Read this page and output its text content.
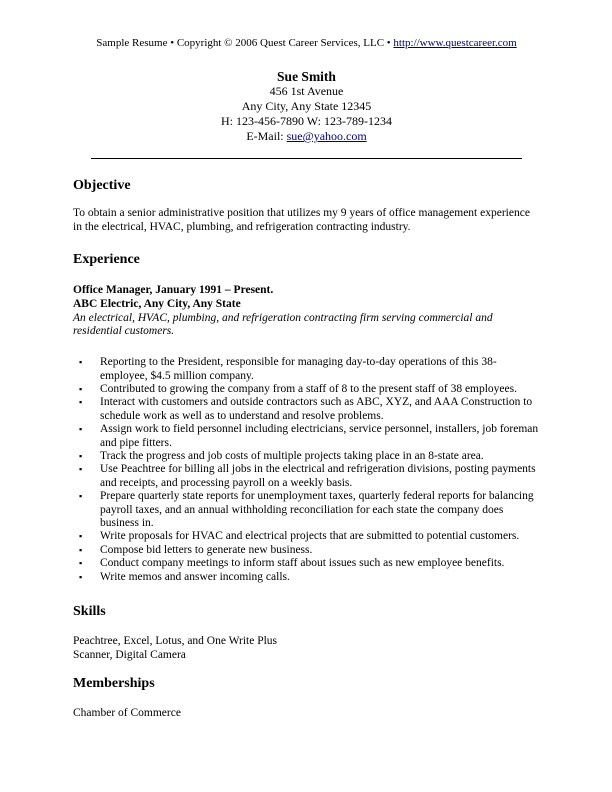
Sample Resume • Copyright © 2006 Quest Career Services, LLC • http://www.questcareer.com
Sue Smith
456 1st Avenue
Any City, Any State 12345
H: 123-456-7890 W: 123-789-1234
E-Mail: sue@yahoo.com
Objective

To obtain a senior administrative position that utilizes my 9 years of office management experience in the electrical, HVAC, plumbing, and refrigeration contracting industry.

Experience
Office Manager, January 1991 – Present.
ABC Electric, Any City, Any State
An electrical, HVAC, plumbing, and refrigeration contracting firm serving commercial and residential customers.
▪	Reporting to the President, responsible for managing day-to-day operations of this 38-employee, $4.5 million company.
▪	Contributed to growing the company from a staff of 8 to the present staff of 38 employees.
▪	Interact with customers and outside contractors such as ABC, XYZ, and AAA Construction to schedule work as well as to understand and resolve problems.
▪	Assign work to field personnel including electricians, service personnel, installers, job foreman and pipe fitters.
▪	Track the progress and job costs of multiple projects taking place in an 8-state area.
▪	Use Peachtree for billing all jobs in the electrical and refrigeration divisions, posting payments and receipts, and processing payroll on a weekly basis.
▪	Prepare quarterly state reports for unemployment taxes, quarterly federal reports for balancing payroll taxes, and an annual withholding reconciliation for each state the company does business in.
▪	Write proposals for HVAC and electrical projects that are submitted to potential customers.
▪	Compose bid letters to generate new business.
▪	Conduct company meetings to inform staff about issues such as new employee benefits.
▪	Write memos and answer incoming calls.
Skills
Peachtree, Excel, Lotus, and One Write Plus
Scanner, Digital Camera
Memberships
Chamber of Commerce
